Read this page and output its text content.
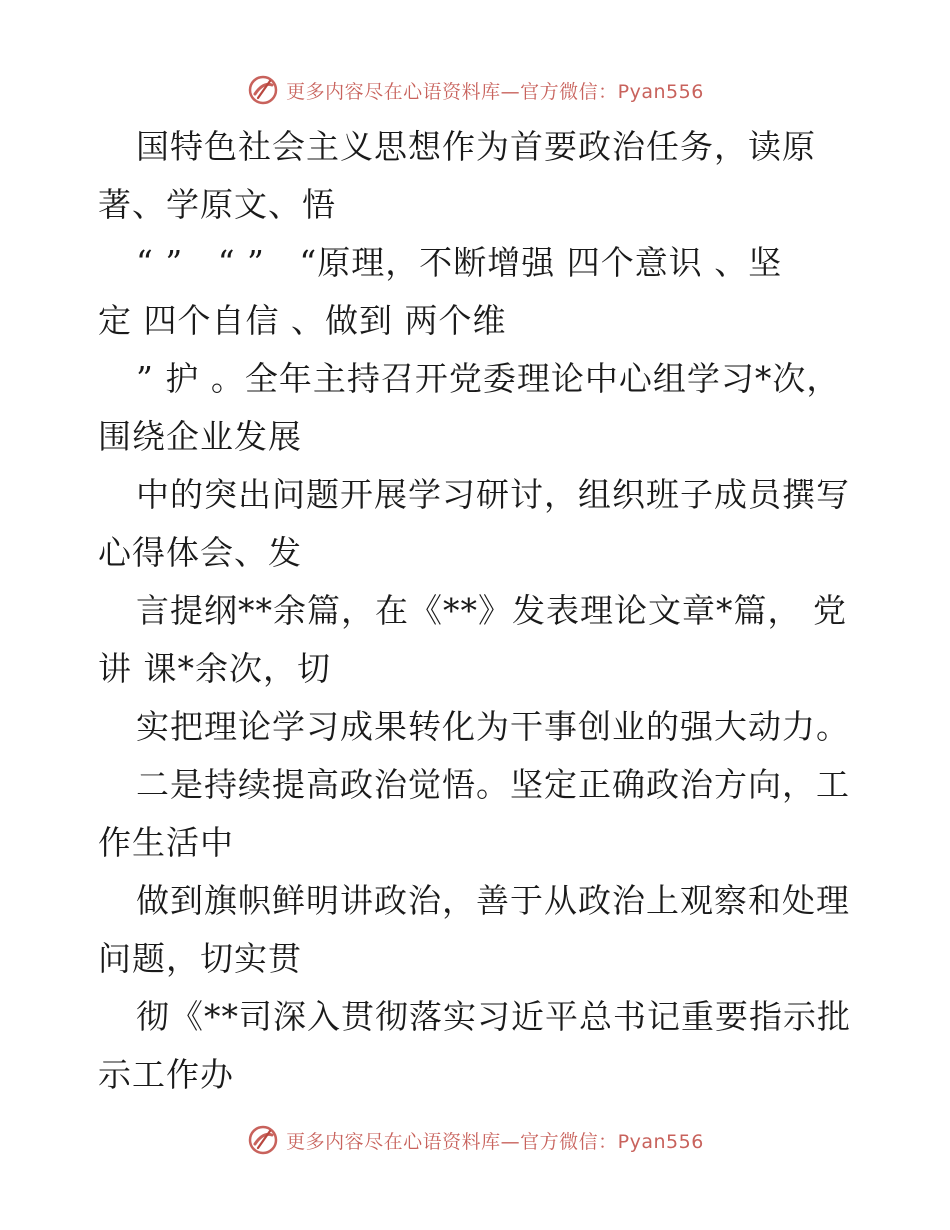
更多内容尽在心语资料库—官方微信：Pyan556
国特色社会主义思想作为首要政治任务，读原
著、学原文、悟
“ ”   “ ”   “原理，不断增强 四个意识 、坚
定 四个自信 、做到 两个维
” 护 。全年主持召开党委理论中心组学习*次，
围绕企业发展
中的突出问题开展学习研讨，组织班子成员撰写
心得体会、发
言提纲**余篇，在《**》发表理论文章*篇， 党
讲 课*余次，切
实把理论学习成果转化为干事创业的强大动力。
二是持续提高政治觉悟。坚定正确政治方向，工
作生活中
做到旗帜鲜明讲政治，善于从政治上观察和处理
问题，切实贯
彻《**司深入贯彻落实习近平总书记重要指示批
示工作办
更多内容尽在心语资料库—官方微信：Pyan556
